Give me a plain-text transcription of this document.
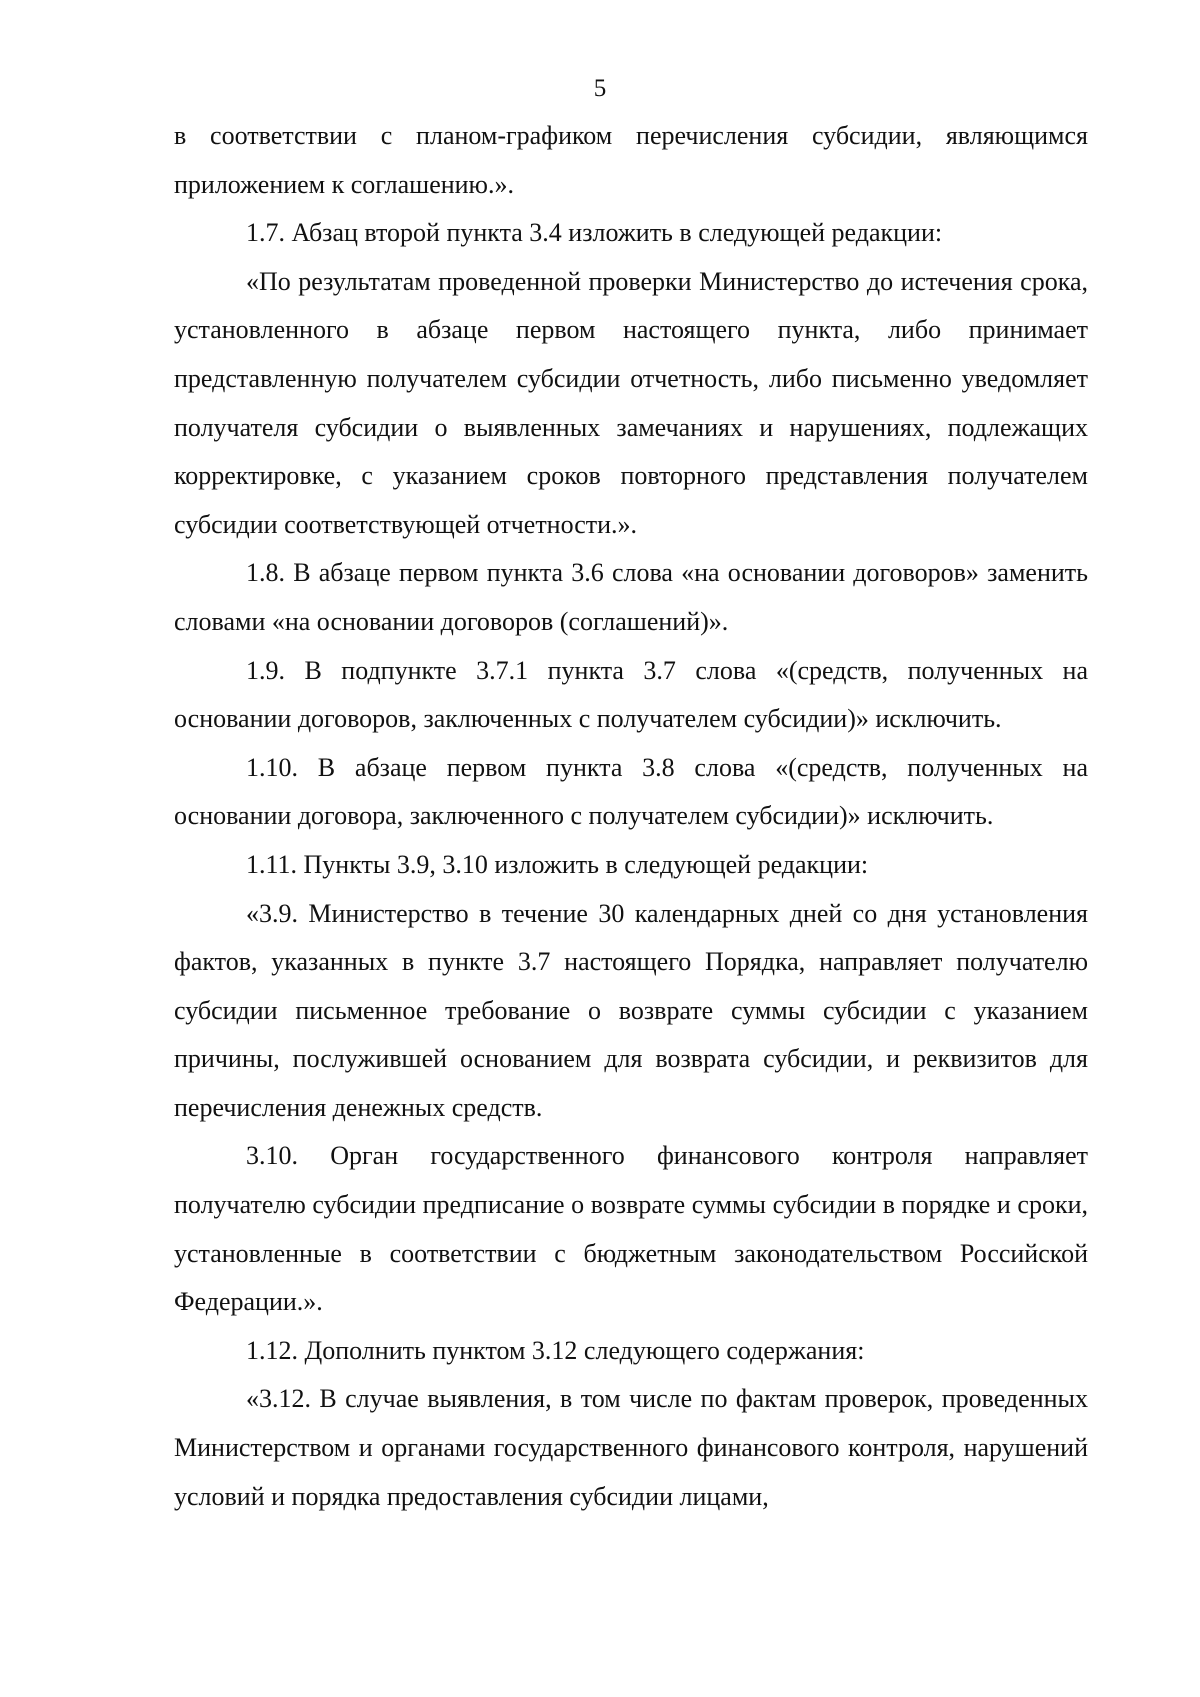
5

в соответствии с планом-графиком перечисления субсидии, являющимся приложением к соглашению.».

1.7. Абзац второй пункта 3.4 изложить в следующей редакции:

«По результатам проведенной проверки Министерство до истечения срока, установленного в абзаце первом настоящего пункта, либо принимает представленную получателем субсидии отчетность, либо письменно уведомляет получателя субсидии о выявленных замечаниях и нарушениях, подлежащих корректировке, с указанием сроков повторного представления получателем субсидии соответствующей отчетности.».

1.8. В абзаце первом пункта 3.6 слова «на основании договоров» заменить словами «на основании договоров (соглашений)».

1.9. В подпункте 3.7.1 пункта 3.7 слова «(средств, полученных на основании договоров, заключенных с получателем субсидии)» исключить.

1.10. В абзаце первом пункта 3.8 слова «(средств, полученных на основании договора, заключенного с получателем субсидии)» исключить.

1.11. Пункты 3.9, 3.10 изложить в следующей редакции:

«3.9. Министерство в течение 30 календарных дней со дня установления фактов, указанных в пункте 3.7 настоящего Порядка, направляет получателю субсидии письменное требование о возврате суммы субсидии с указанием причины, послужившей основанием для возврата субсидии, и реквизитов для перечисления денежных средств.

3.10. Орган государственного финансового контроля направляет получателю субсидии предписание о возврате суммы субсидии в порядке и сроки, установленные в соответствии с бюджетным законодательством Российской Федерации.».

1.12. Дополнить пунктом 3.12 следующего содержания:

«3.12. В случае выявления, в том числе по фактам проверок, проведенных Министерством и органами государственного финансового контроля, нарушений условий и порядка предоставления субсидии лицами,
